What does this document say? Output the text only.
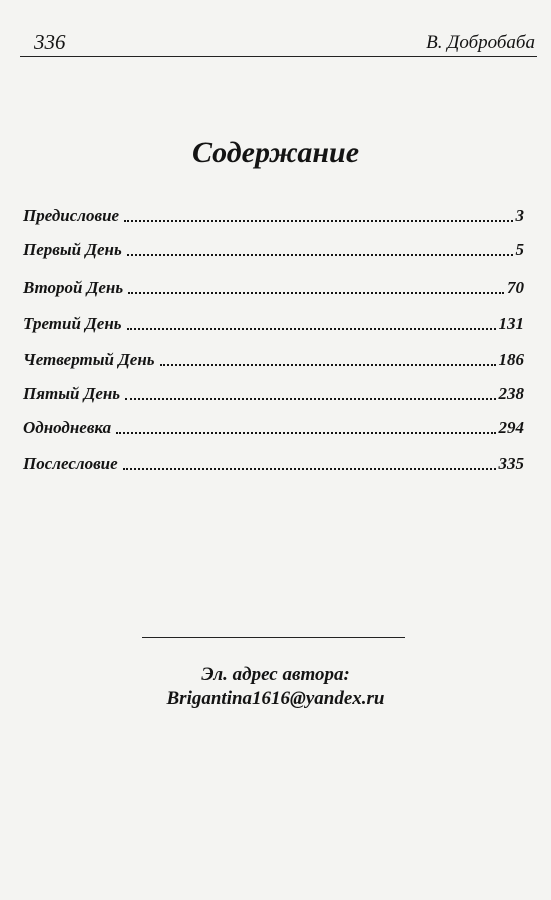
336	В. Добробаба
Содержание
Предисловие	3
Первый День	5
Второй День	70
Третий День	131
Четвертый День	186
Пятый День	238
Однодневка	294
Послесловие	335
Эл. адрес автора:
Brigantina1616@yandex.ru
